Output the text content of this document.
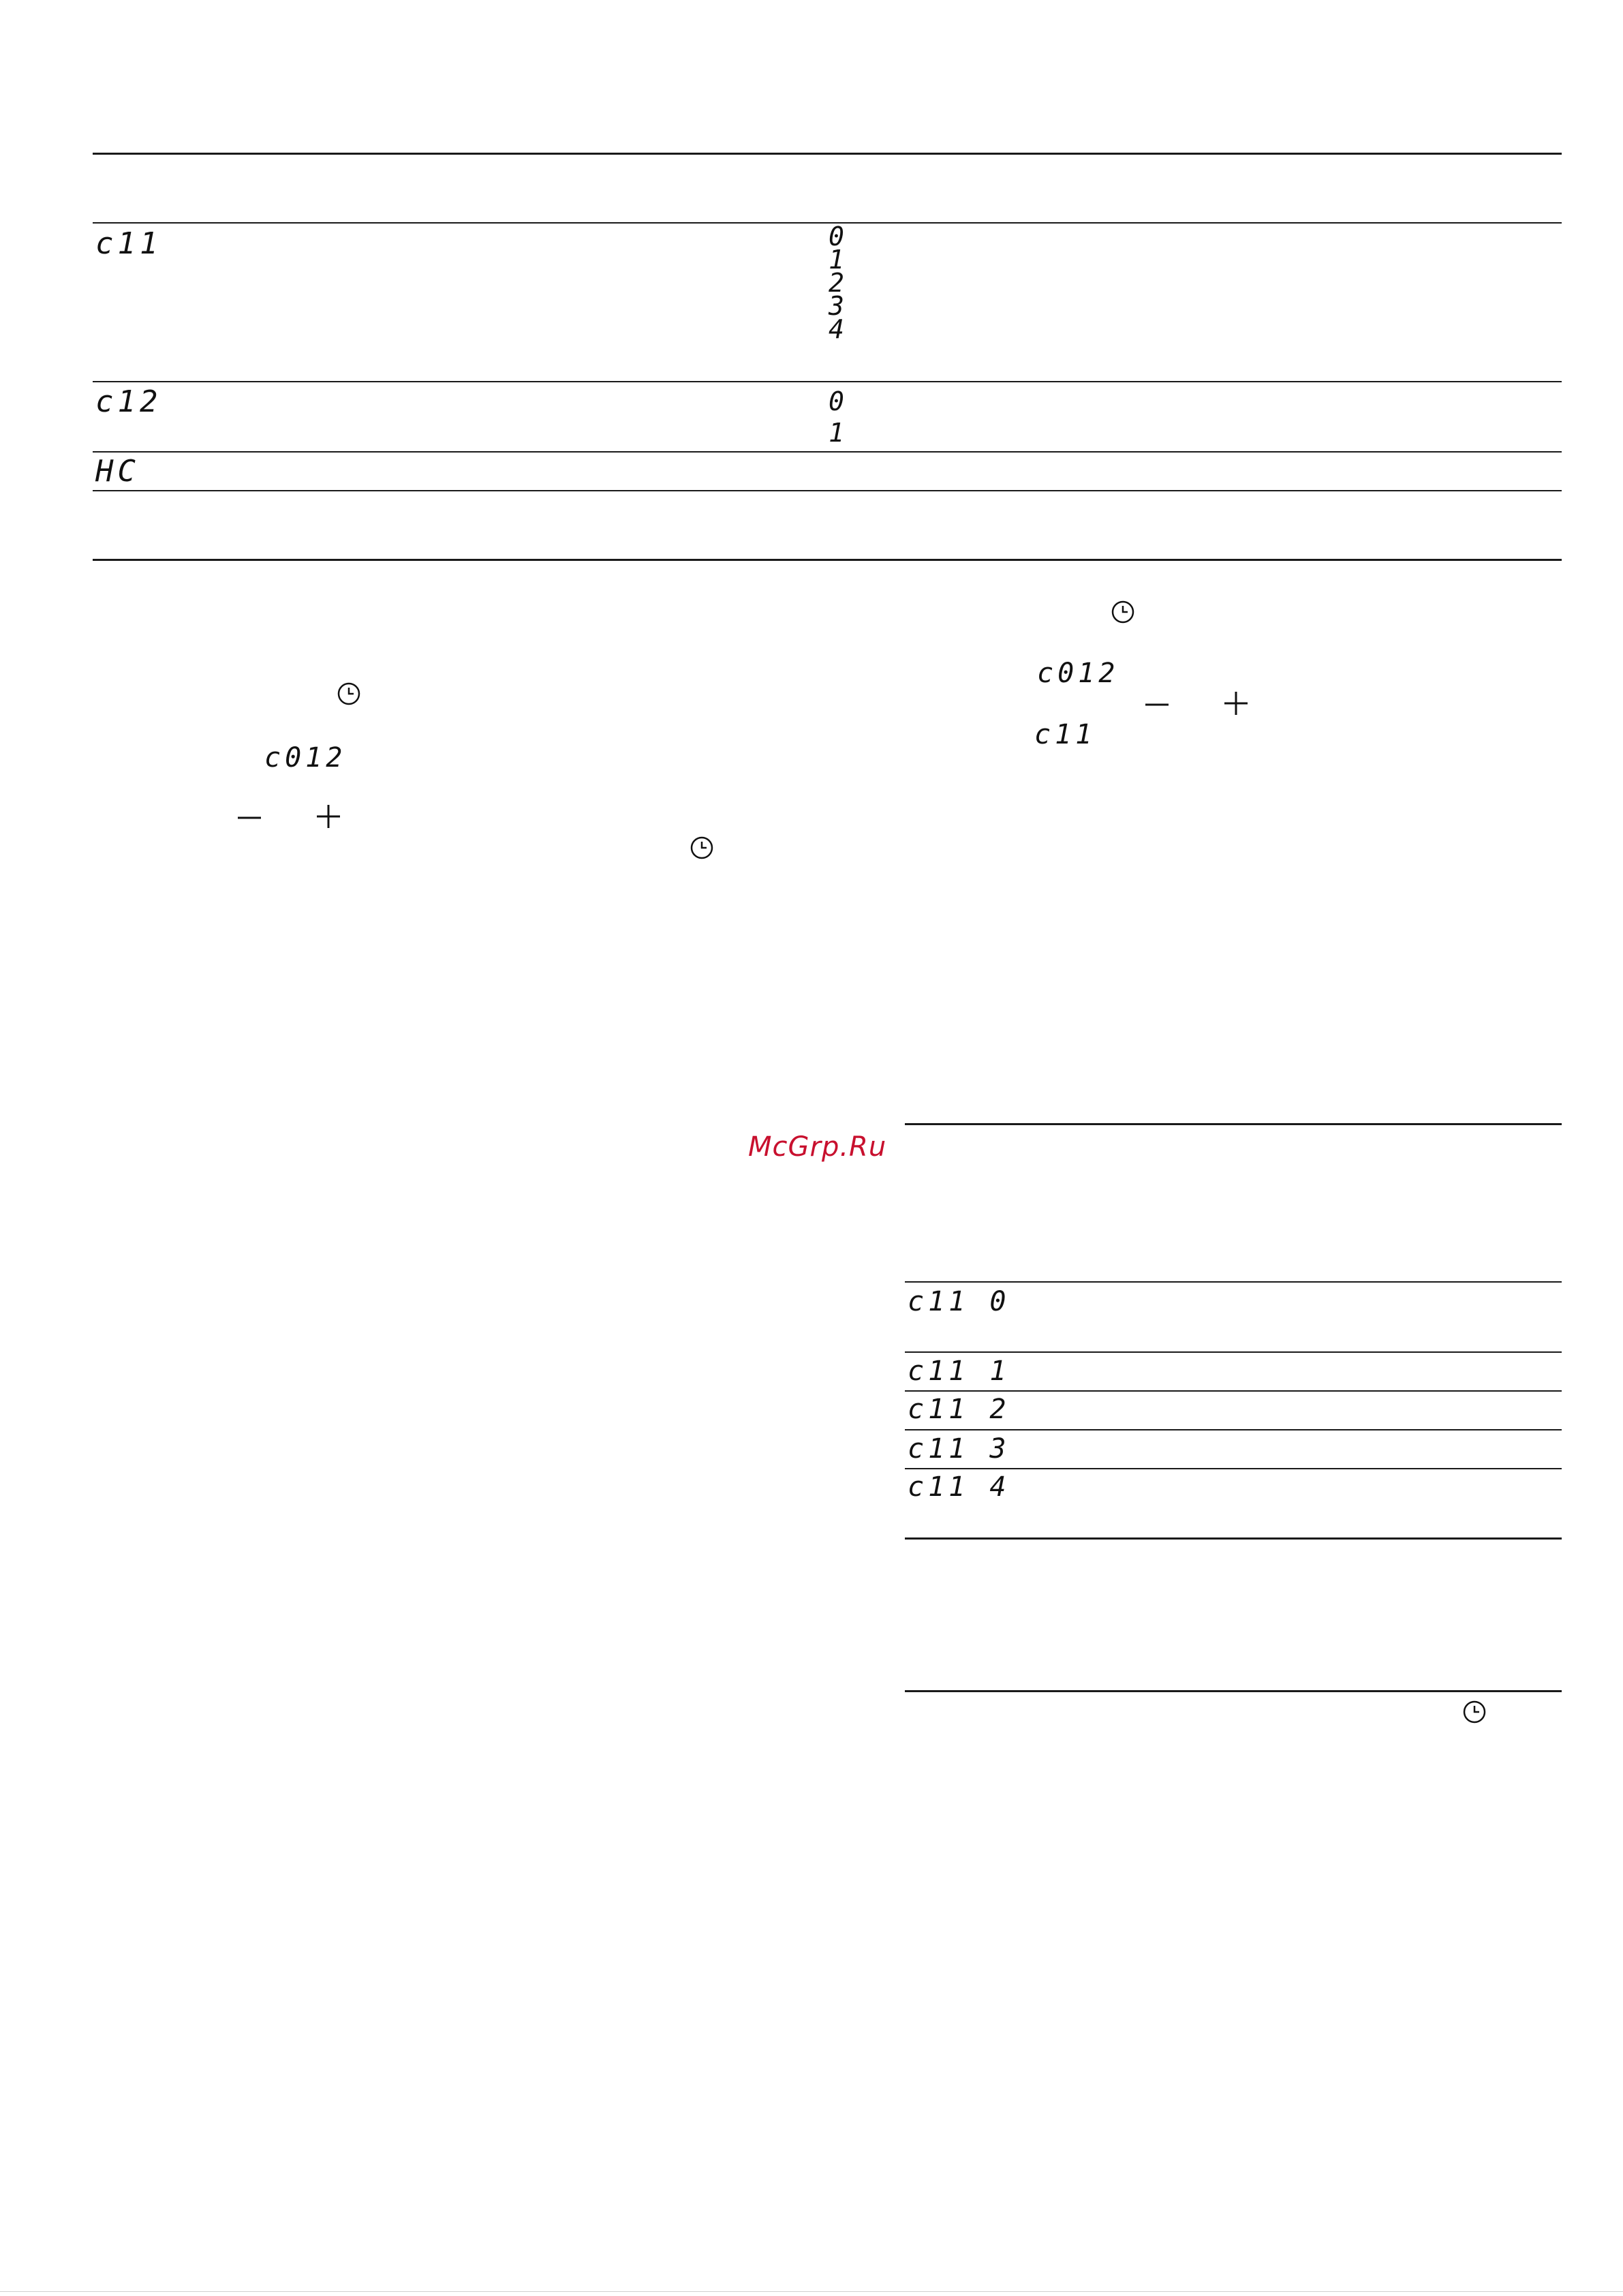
c11	0
1
2
3
4
c12	0
1
HC
c012
c012
c11
McGrp.Ru
c11 0
c11 1
c11 2
c11 3
c11 4
